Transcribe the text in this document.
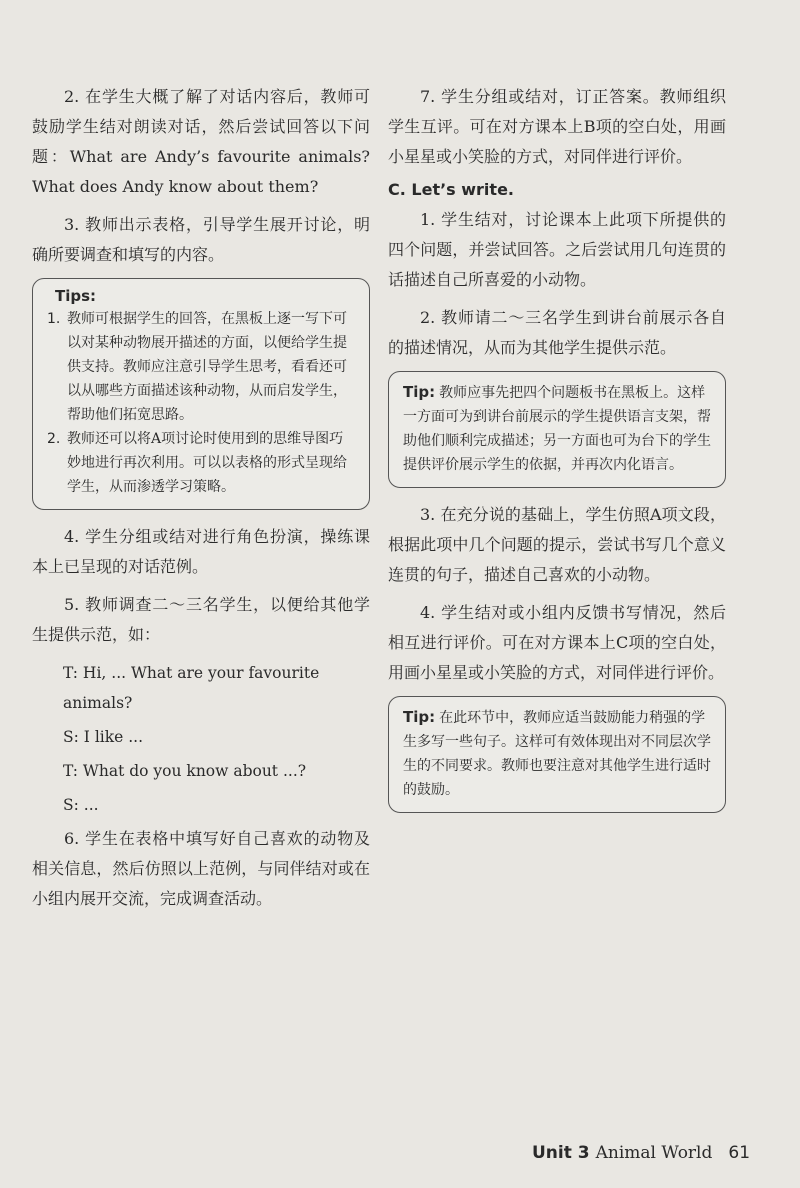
2. 在学生大概了解了对话内容后，教师可鼓励学生结对朗读对话，然后尝试回答以下问题：What are Andy’s favourite animals? What does Andy know about them?

3. 教师出示表格，引导学生展开讨论，明确所要调查和填写的内容。

Tips:
1. 教师可根据学生的回答，在黑板上逐一写下可以对某种动物展开描述的方面，以便给学生提供支持。教师应注意引导学生思考，看看还可以从哪些方面描述该种动物，从而启发学生，帮助他们拓宽思路。
2. 教师还可以将A项讨论时使用到的思维导图巧妙地进行再次利用。可以以表格的形式呈现给学生，从而渗透学习策略。

4. 学生分组或结对进行角色扮演，操练课本上已呈现的对话范例。

5. 教师调查二～三名学生，以便给其他学生提供示范，如：

T: Hi, ... What are your favourite animals?

S: I like ...

T: What do you know about ...?

S: ...

6. 学生在表格中填写好自己喜欢的动物及相关信息，然后仿照以上范例，与同伴结对或在小组内展开交流，完成调查活动。

7. 学生分组或结对，订正答案。教师组织学生互评。可在对方课本上B项的空白处，用画小星星或小笑脸的方式，对同伴进行评价。

C. Let’s write.

1. 学生结对，讨论课本上此项下所提供的四个问题，并尝试回答。之后尝试用几句连贯的话描述自己所喜爱的小动物。

2. 教师请二～三名学生到讲台前展示各自的描述情况，从而为其他学生提供示范。

Tip: 教师应事先把四个问题板书在黑板上。这样一方面可为到讲台前展示的学生提供语言支架，帮助他们顺利完成描述；另一方面也可为台下的学生提供评价展示学生的依据，并再次内化语言。

3. 在充分说的基础上，学生仿照A项文段，根据此项中几个问题的提示，尝试书写几个意义连贯的句子，描述自己喜欢的小动物。

4. 学生结对或小组内反馈书写情况，然后相互进行评价。可在对方课本上C项的空白处，用画小星星或小笑脸的方式，对同伴进行评价。

Tip: 在此环节中，教师应适当鼓励能力稍强的学生多写一些句子。这样可有效体现出对不同层次学生的不同要求。教师也要注意对其他学生进行适时的鼓励。
Unit 3 Animal World 61
